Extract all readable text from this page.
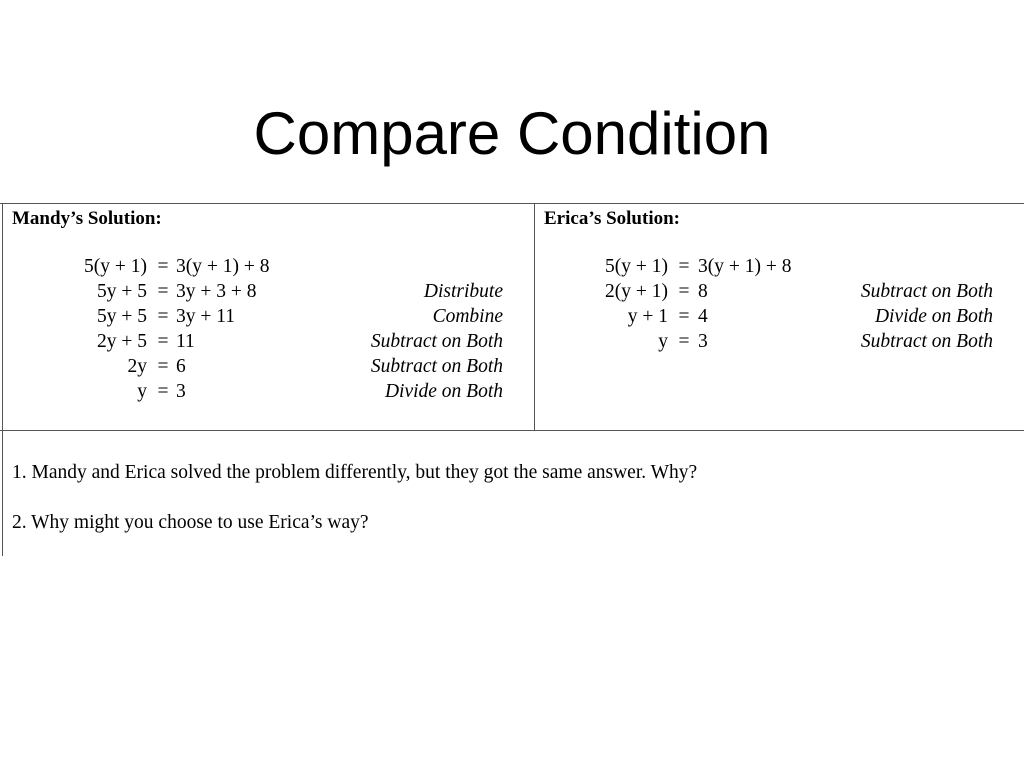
Compare Condition
Mandy’s Solution:
5(y + 1) = 3(y + 1) + 8
5y + 5 = 3y + 3 + 8	Distribute
5y + 5 = 3y + 11	Combine
2y + 5 = 11	Subtract on Both
2y = 6	Subtract on Both
y = 3	Divide on Both
Erica’s Solution:
5(y + 1) = 3(y + 1) + 8
2(y + 1) = 8	Subtract on Both
y + 1 = 4	Divide on Both
y = 3	Subtract on Both
1. Mandy and Erica solved the problem differently, but they got the same answer. Why?
2. Why might you choose to use Erica’s way?
